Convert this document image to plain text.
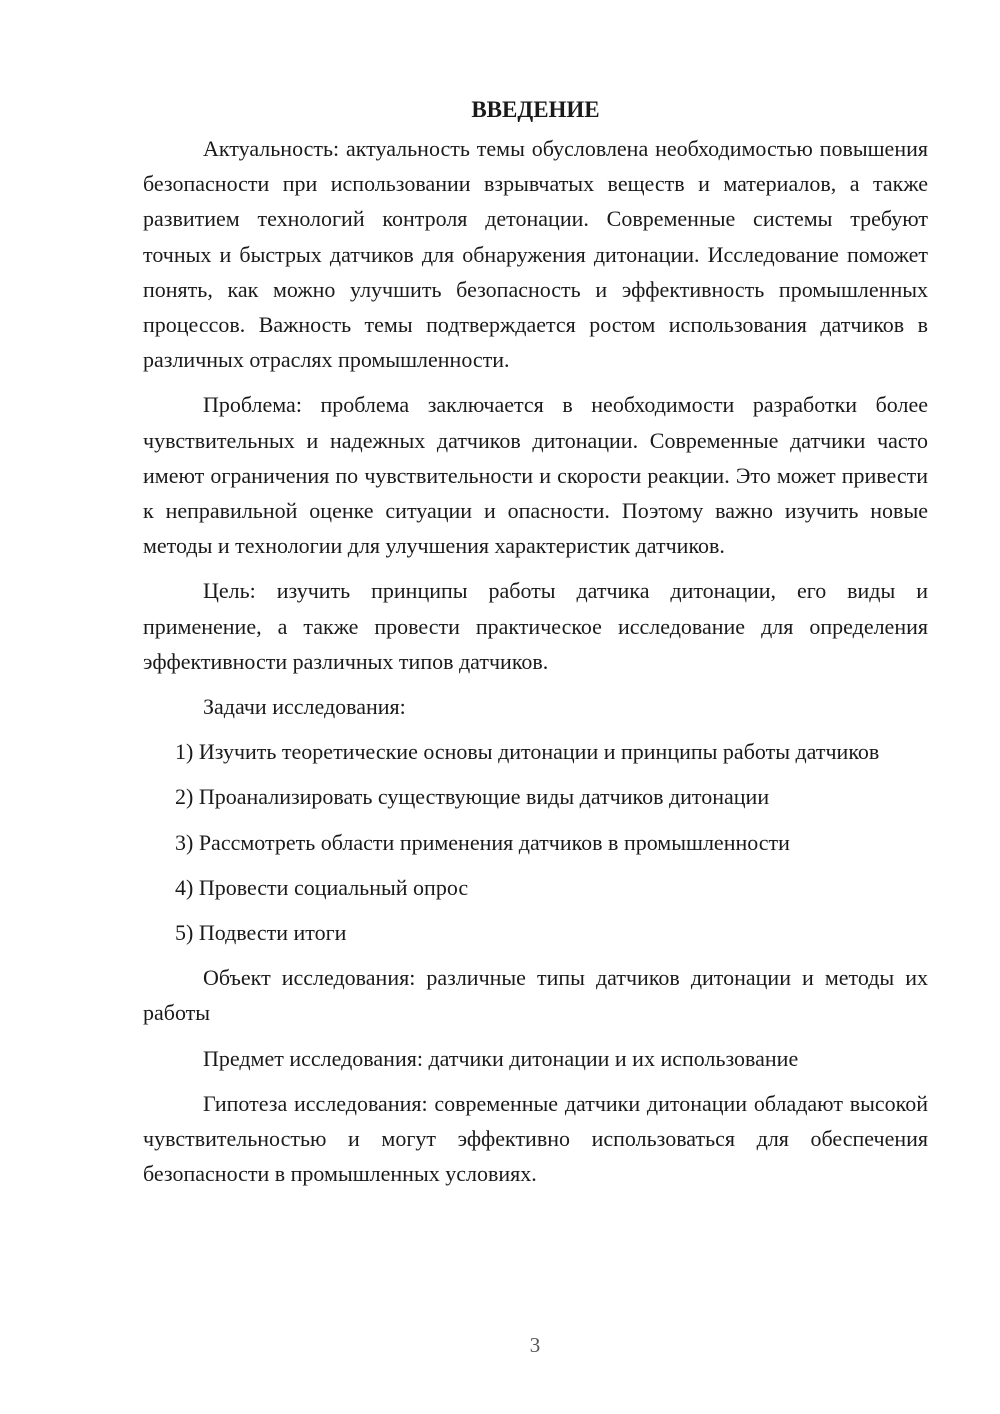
ВВЕДЕНИЕ

Актуальность: актуальность темы обусловлена необходимостью повышения безопасности при использовании взрывчатых веществ и материалов, а также развитием технологий контроля детонации. Современные системы требуют точных и быстрых датчиков для обнаружения дитонации. Исследование поможет понять, как можно улучшить безопасность и эффективность промышленных процессов. Важность темы подтверждается ростом использования датчиков в различных отраслях промышленности.

Проблема: проблема заключается в необходимости разработки более чувствительных и надежных датчиков дитонации. Современные датчики часто имеют ограничения по чувствительности и скорости реакции. Это может привести к неправильной оценке ситуации и опасности. Поэтому важно изучить новые методы и технологии для улучшения характеристик датчиков.

Цель: изучить принципы работы датчика дитонации, его виды и применение, а также провести практическое исследование для определения эффективности различных типов датчиков.

Задачи исследования:

1) Изучить теоретические основы дитонации и принципы работы датчиков

2) Проанализировать существующие виды датчиков дитонации

3) Рассмотреть области применения датчиков в промышленности

4) Провести социальный опрос

5) Подвести итоги

Объект исследования: различные типы датчиков дитонации и методы их работы

Предмет исследования: датчики дитонации и их использование

Гипотеза исследования: современные датчики дитонации обладают высокой чувствительностью и могут эффективно использоваться для обеспечения безопасности в промышленных условиях.

3
